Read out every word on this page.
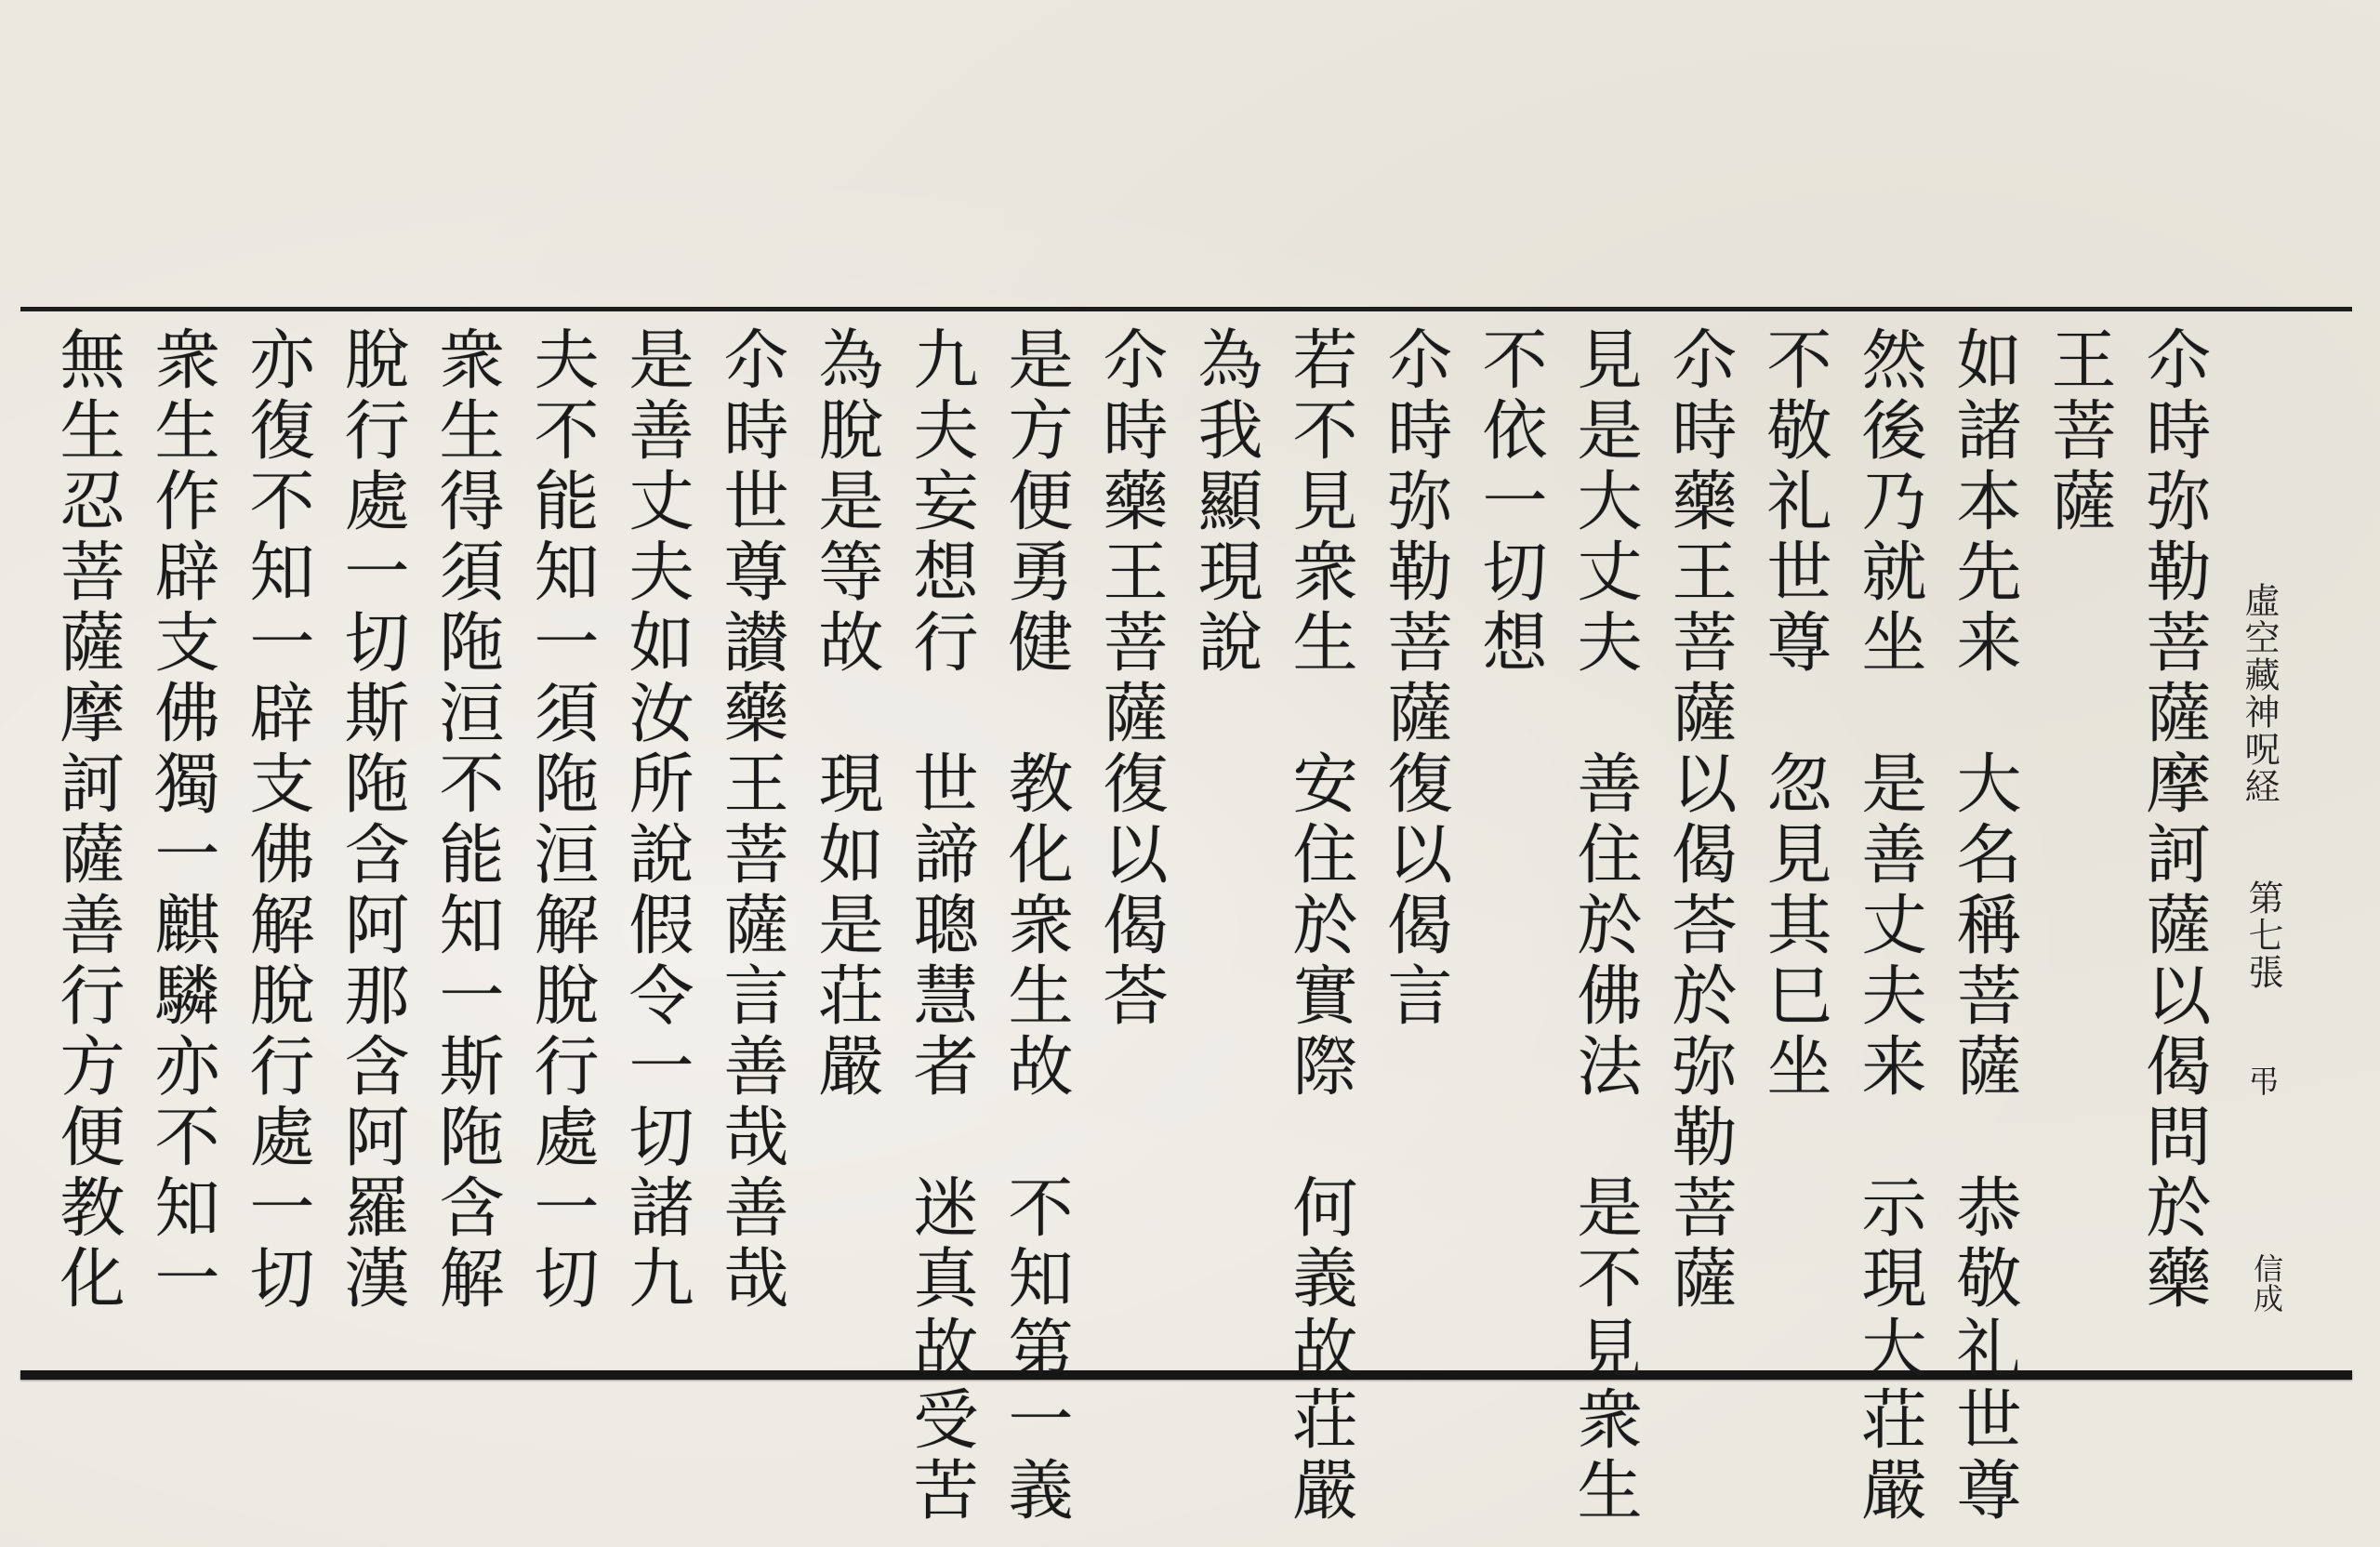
虛空藏神呪経
第七張
弔
信成
尒時弥勒菩薩摩訶薩以偈問於藥
王菩薩
如諸本先来　大名稱菩薩　恭敬礼世尊
然後乃就坐　是善丈夫来　示現大荘嚴
不敬礼世尊　忽見其巳坐
尒時藥王菩薩以偈荅於弥勒菩薩
見是大丈夫　善住於佛法　是不見衆生
不依一切想
尒時弥勒菩薩復以偈言
若不見衆生　安住於實際　何義故荘嚴
為我顯現說
尒時藥王菩薩復以偈荅
是方便勇健　教化衆生故　不知第一義
九夫妄想行　世諦聰慧者　迷真故受苦
為脫是等故　現如是荘嚴
尒時世尊讃藥王菩薩言善哉善哉
是善丈夫如汝所說假令一切諸九
夫不能知一須陁洹解脫行處一切
衆生得須陁洹不能知一斯陁含解
脫行處一切斯陁含阿那含阿羅漢
亦復不知一辟支佛解脫行處一切
衆生作辟支佛獨一麒驎亦不知一
無生忍菩薩摩訶薩善行方便教化
